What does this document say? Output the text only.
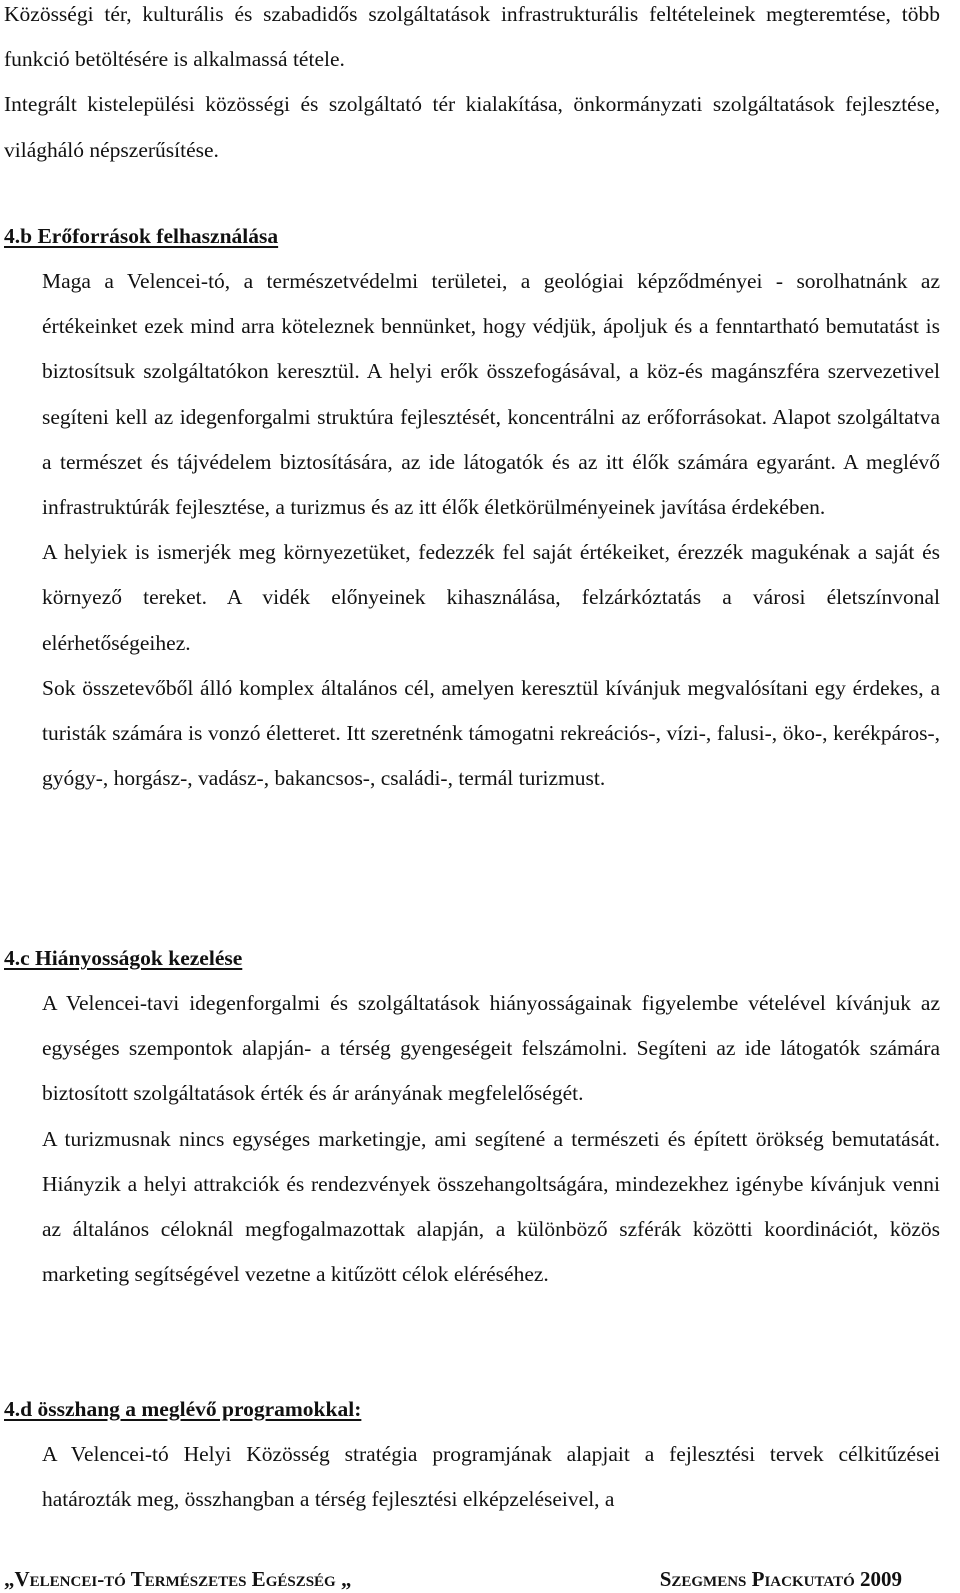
Közösségi tér, kulturális és szabadidős szolgáltatások infrastrukturális feltételeinek megteremtése, több funkció betöltésére is alkalmassá tétele.

Integrált kistelepülési közösségi és szolgáltató tér kialakítása, önkormányzati szolgáltatások fejlesztése, világháló népszerűsítése.

4.b Erőforrások felhasználása

Maga a Velencei-tó, a természetvédelmi területei, a geológiai képződményei - sorolhatnánk az értékeinket ezek mind arra köteleznek bennünket, hogy védjük, ápoljuk és a fenntartható bemutatást is biztosítsuk szolgáltatókon keresztül. A helyi erők összefogásával, a köz-és magánszféra szervezetivel segíteni kell az idegenforgalmi struktúra fejlesztését, koncentrálni az erőforrásokat. Alapot szolgáltatva a természet és tájvédelem biztosítására, az ide látogatók és az itt élők számára egyaránt. A meglévő infrastruktúrák fejlesztése, a turizmus és az itt élők életkörülményeinek javítása érdekében.

A helyiek is ismerjék meg környezetüket, fedezzék fel saját értékeiket, érezzék magukénak a saját és környező tereket. A vidék előnyeinek kihasználása, felzárkóztatás a városi életszínvonal elérhetőségeihez.

Sok összetevőből álló komplex általános cél, amelyen keresztül kívánjuk megvalósítani egy érdekes, a turisták számára is vonzó életteret. Itt szeretnénk támogatni rekreációs-, vízi-, falusi-, öko-, kerékpáros-, gyógy-, horgász-, vadász-, bakancsos-, családi-, termál turizmust.

4.c Hiányosságok kezelése

A Velencei-tavi idegenforgalmi és szolgáltatások hiányosságainak figyelembe vételével kívánjuk az egységes szempontok alapján- a térség gyengeségeit felszámolni. Segíteni az ide látogatók számára biztosított szolgáltatások érték és ár arányának megfelelőségét.

A turizmusnak nincs egységes marketingje, ami segítené a természeti és épített örökség bemutatását. Hiányzik a helyi attrakciók és rendezvények összehangoltságára, mindezekhez igénybe kívánjuk venni az általános céloknál megfogalmazottak alapján, a különböző szférák közötti koordinációt, közös marketing segítségével vezetne a kitűzött célok eléréséhez.

4.d összhang a meglévő programokkal:

A Velencei-tó Helyi Közösség stratégia programjának alapjait a fejlesztési tervek célkitűzései határozták meg, összhangban a térség fejlesztési elképzeléseivel, a

„Velencei-tó Természetes Egészség „	Szegmens Piackutató 2009
